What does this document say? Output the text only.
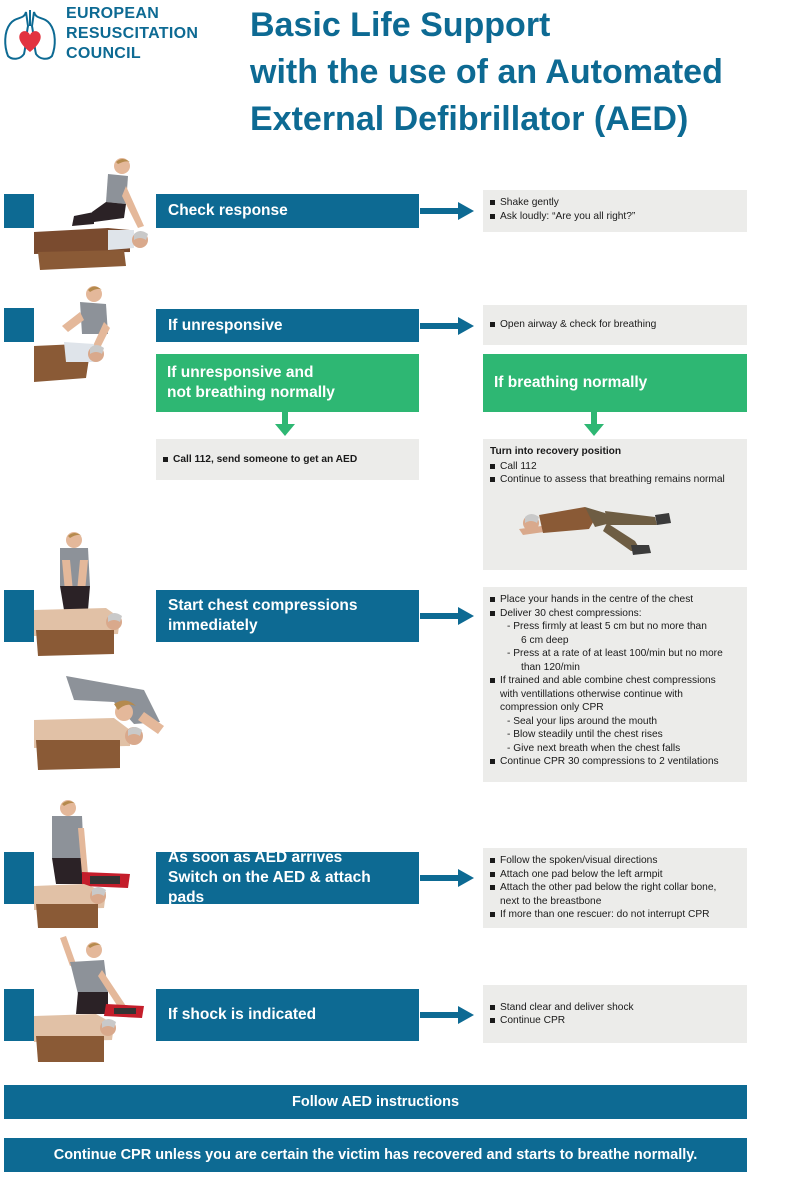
EUROPEAN
RESUSCITATION
COUNCIL
Basic Life Support
with the use of an Automated
External Defibrillator (AED)
Check response	Shake gently
Ask loudly: “Are you all right?”
If unresponsive	Open airway & check for breathing
If unresponsive and
not breathing normally
If breathing normally
Call 112, send someone to get an AED
Turn into recovery position
Call 112
Continue to assess that breathing remains normal
Start chest compressions
immediately
Place your hands in the centre of the chest
Deliver 30 chest compressions:
- Press firmly at least 5 cm but no more than
6 cm deep
- Press at a rate of at least 100/min but no more
than 120/min
If trained and able combine chest compressions
with ventillations otherwise continue with
compression only CPR
- Seal your lips around the mouth
- Blow steadily until the chest rises
- Give next breath when the chest falls
Continue CPR 30 compressions to 2 ventilations
As soon as AED arrives
Switch on the AED & attach pads
Follow the spoken/visual directions
Attach one pad below the left armpit
Attach the other pad below the right collar bone,
next to the breastbone
If more than one rescuer: do not interrupt CPR
If shock is indicated	Stand clear and deliver shock
Continue CPR
Follow AED instructions
Continue CPR unless you are certain the victim has recovered and starts to breathe normally.
